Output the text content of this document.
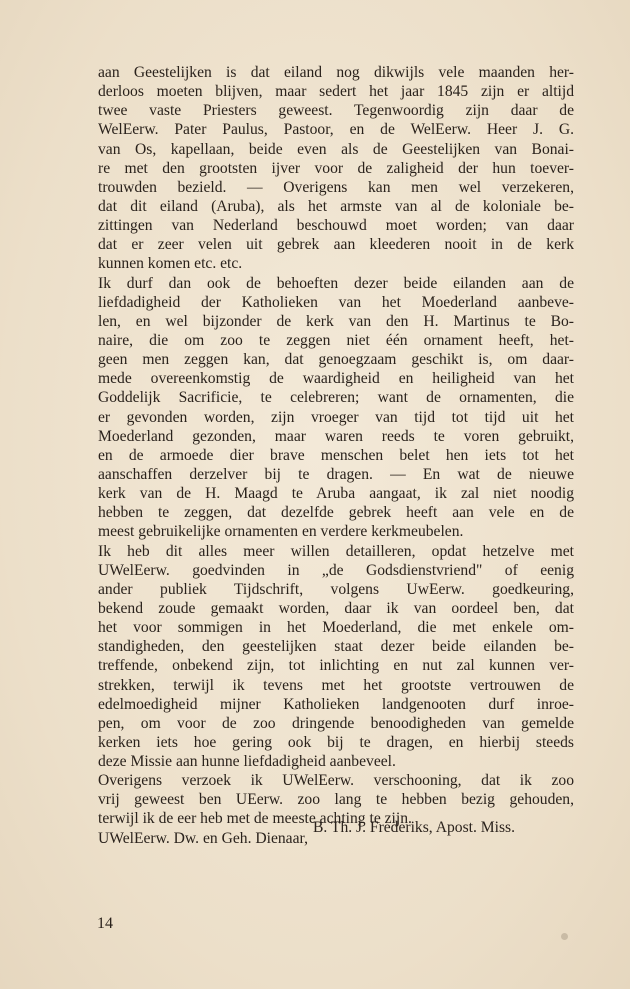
aan Geestelijken is dat eiland nog dikwijls vele maanden her-
derloos moeten blijven, maar sedert het jaar 1845 zijn er altijd
twee vaste Priesters geweest. Tegenwoordig zijn daar de
WelEerw. Pater Paulus, Pastoor, en de WelEerw. Heer J. G.
van Os, kapellaan, beide even als de Geestelijken van Bonai-
re met den grootsten ijver voor de zaligheid der hun toever-
trouwden bezield. — Overigens kan men wel verzekeren,
dat dit eiland (Aruba), als het armste van al de koloniale be-
zittingen van Nederland beschouwd moet worden; van daar
dat er zeer velen uit gebrek aan kleederen nooit in de kerk
kunnen komen etc. etc.
Ik durf dan ook de behoeften dezer beide eilanden aan de
liefdadigheid der Katholieken van het Moederland aanbeve-
len, en wel bijzonder de kerk van den H. Martinus te Bo-
naire, die om zoo te zeggen niet één ornament heeft, het-
geen men zeggen kan, dat genoegzaam geschikt is, om daar-
mede overeenkomstig de waardigheid en heiligheid van het
Goddelijk Sacrificie, te celebreren; want de ornamenten, die
er gevonden worden, zijn vroeger van tijd tot tijd uit het
Moederland gezonden, maar waren reeds te voren gebruikt,
en de armoede dier brave menschen belet hen iets tot het
aanschaffen derzelver bij te dragen. — En wat de nieuwe
kerk van de H. Maagd te Aruba aangaat, ik zal niet noodig
hebben te zeggen, dat dezelfde gebrek heeft aan vele en de
meest gebruikelijke ornamenten en verdere kerkmeubelen.
Ik heb dit alles meer willen detailleren, opdat hetzelve met
UWelEerw. goedvinden in „de Godsdienstvriend" of eenig
ander publiek Tijdschrift, volgens UwEerw. goedkeuring,
bekend zoude gemaakt worden, daar ik van oordeel ben, dat
het voor sommigen in het Moederland, die met enkele om-
standigheden, den geestelijken staat dezer beide eilanden be-
treffende, onbekend zijn, tot inlichting en nut zal kunnen ver-
strekken, terwijl ik tevens met het grootste vertrouwen de
edelmoedigheid mijner Katholieken landgenooten durf inroe-
pen, om voor de zoo dringende benoodigheden van gemelde
kerken iets hoe gering ook bij te dragen, en hierbij steeds
deze Missie aan hunne liefdadigheid aanbeveel.
Overigens verzoek ik UWelEerw. verschooning, dat ik zoo
vrij geweest ben UEerw. zoo lang te hebben bezig gehouden,
terwijl ik de eer heb met de meeste achting te zijn.
UWelEerw. Dw. en Geh. Dienaar,
B. Th. J. Frederiks, Apost. Miss.
14
